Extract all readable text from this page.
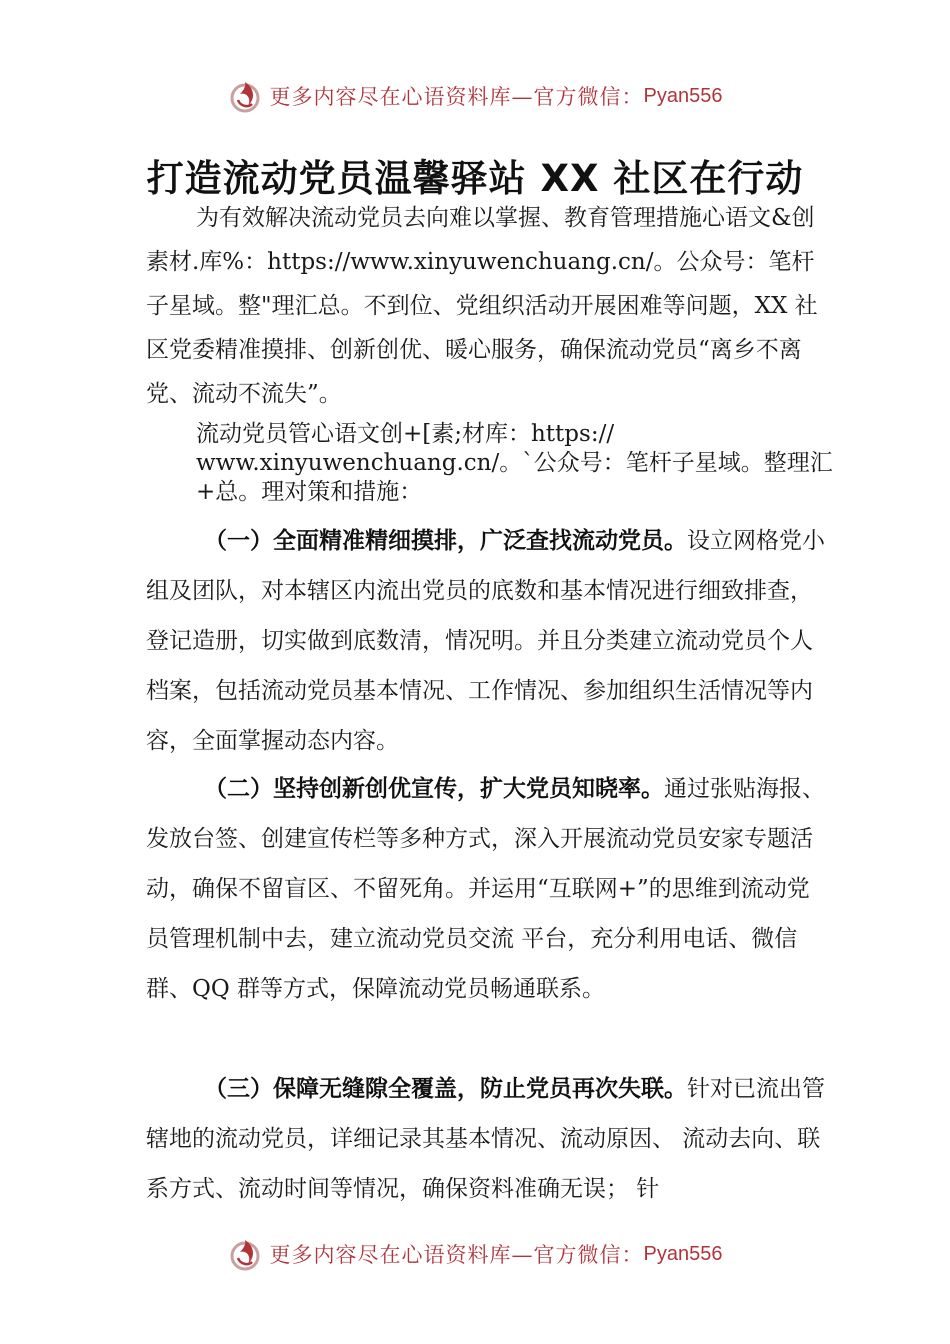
更多内容尽在心语资料库—官方微信： Pyan556
打造流动党员温馨驿站 XX 社区在行动

为有效解决流动党员去向难以掌握、教育管理措施心语文&创素材.库%：https://www.xinyuwenchuang.cn/。公众号：笔杆子星域。整"理汇总。不到位、党组织活动开展困难等问题，XX 社区党委精准摸排、创新创优、暖心服务，确保流动党员“离乡不离党、流动不流失”。

流动党员管心语文创+[素;材库：https:// www.xinyuwenchuang.cn/。`公众号：笔杆子星域。整理汇+总。理对策和措施：

（一）全面精准精细摸排，广泛查找流动党员。设立网格党小组及团队，对本辖区内流出党员的底数和基本情况进行细致排查，登记造册，切实做到底数清，情况明。并且分类建立流动党员个人档案，包括流动党员基本情况、工作情况、参加组织生活情况等内容，全面掌握动态内容。

（二）坚持创新创优宣传，扩大党员知晓率。通过张贴海报、发放台签、创建宣传栏等多种方式，深入开展流动党员安家专题活动，确保不留盲区、不留死角。并运用“互联网+”的思维到流动党员管理机制中去，建立流动党员交流 平台，充分利用电话、微信群、QQ 群等方式，保障流动党员畅通联系。

（三）保障无缝隙全覆盖，防止党员再次失联。针对已流出管辖地的流动党员，详细记录其基本情况、流动原因、 流动去向、联系方式、流动时间等情况，确保资料准确无误； 针

更多内容尽在心语资料库—官方微信： Pyan556
